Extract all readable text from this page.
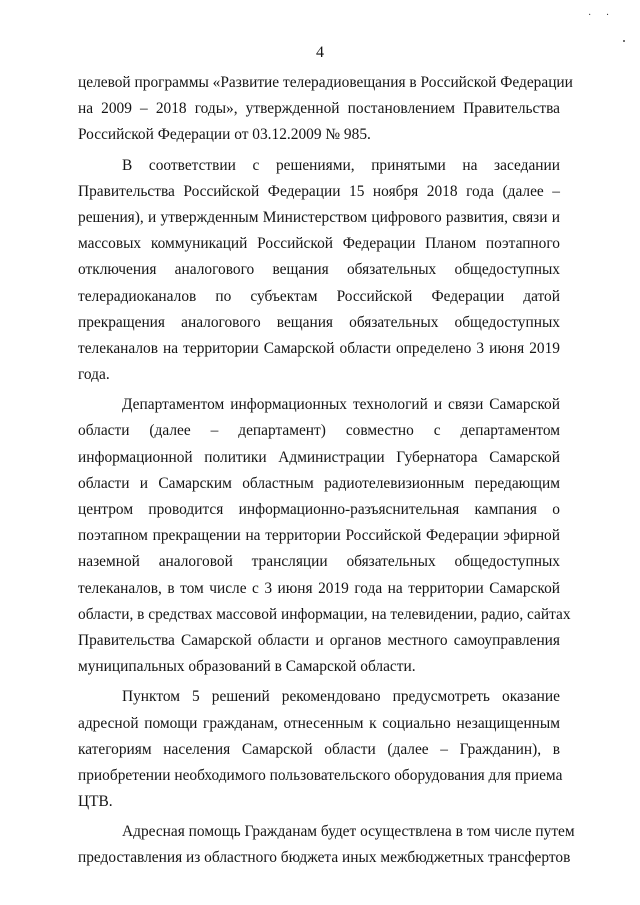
· ·
4
целевой программы «Развитие телерадиовещания в Российской Федерации
на 2009 – 2018 годы», утвержденной постановлением Правительства
Российской Федерации от 03.12.2009 № 985.
В соответствии с решениями, принятыми на заседании
Правительства Российской Федерации 15 ноября 2018 года (далее –
решения), и утвержденным Министерством цифрового развития, связи и
массовых коммуникаций Российской Федерации Планом поэтапного
отключения аналогового вещания обязательных общедоступных
телерадиоканалов по субъектам Российской Федерации датой
прекращения аналогового вещания обязательных общедоступных
телеканалов на территории Самарской области определено 3 июня 2019
года.
Департаментом информационных технологий и связи Самарской
области (далее – департамент) совместно с департаментом
информационной политики Администрации Губернатора Самарской
области и Самарским областным радиотелевизионным передающим
центром проводится информационно-разъяснительная кампания о
поэтапном прекращении на территории Российской Федерации эфирной
наземной аналоговой трансляции обязательных общедоступных
телеканалов, в том числе с 3 июня 2019 года на территории Самарской
области, в средствах массовой информации, на телевидении, радио, сайтах
Правительства Самарской области и органов местного самоуправления
муниципальных образований в Самарской области.
Пунктом 5 решений рекомендовано предусмотреть оказание
адресной помощи гражданам, отнесенным к социально незащищенным
категориям населения Самарской области (далее – Гражданин), в
приобретении необходимого пользовательского оборудования для приема
ЦТВ.
Адресная помощь Гражданам будет осуществлена в том числе путем
предоставления из областного бюджета иных межбюджетных трансфертов
